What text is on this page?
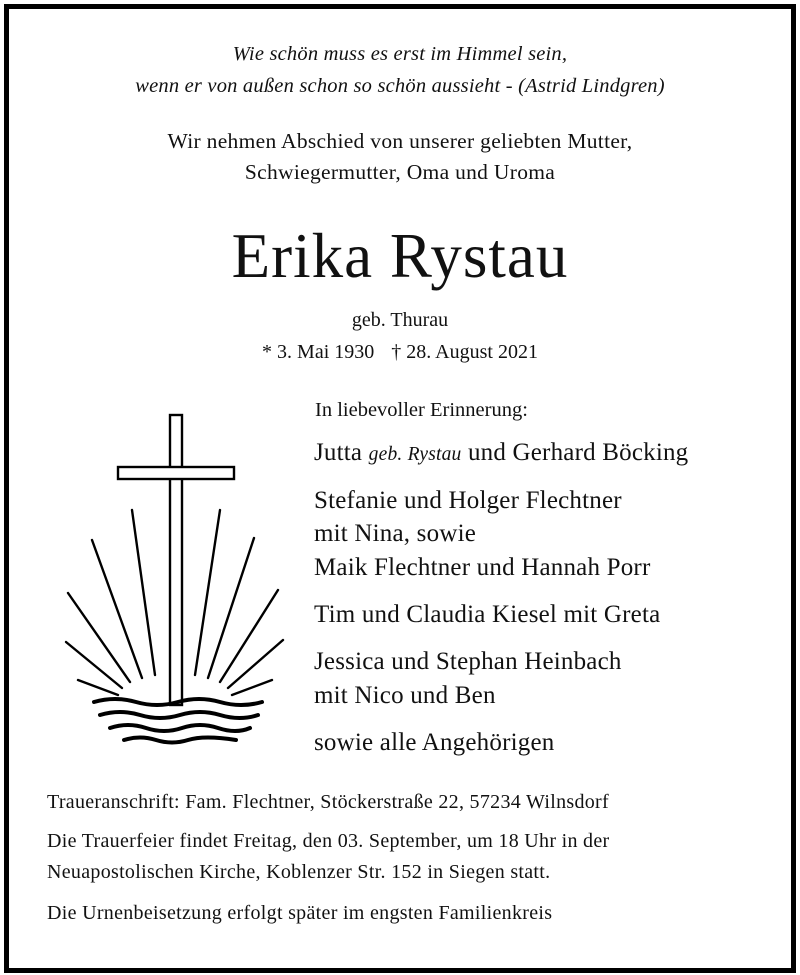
Wie schön muss es erst im Himmel sein,
wenn er von außen schon so schön aussieht - (Astrid Lindgren)
Wir nehmen Abschied von unserer geliebten Mutter,
Schwiegermutter, Oma und Uroma
Erika Rystau
geb. Thurau
* 3. Mai 1930 † 28. August 2021
In liebevoller Erinnerung:
Jutta geb. Rystau und Gerhard Böcking
Stefanie und Holger Flechtner
mit Nina, sowie
Maik Flechtner und Hannah Porr
Tim und Claudia Kiesel mit Greta
Jessica und Stephan Heinbach
mit Nico und Ben
sowie alle Angehörigen
Traueranschrift: Fam. Flechtner, Stöckerstraße 22, 57234 Wilnsdorf
Die Trauerfeier findet Freitag, den 03. September, um 18 Uhr in der
Neuapostolischen Kirche, Koblenzer Str. 152 in Siegen statt.
Die Urnenbeisetzung erfolgt später im engsten Familienkreis
